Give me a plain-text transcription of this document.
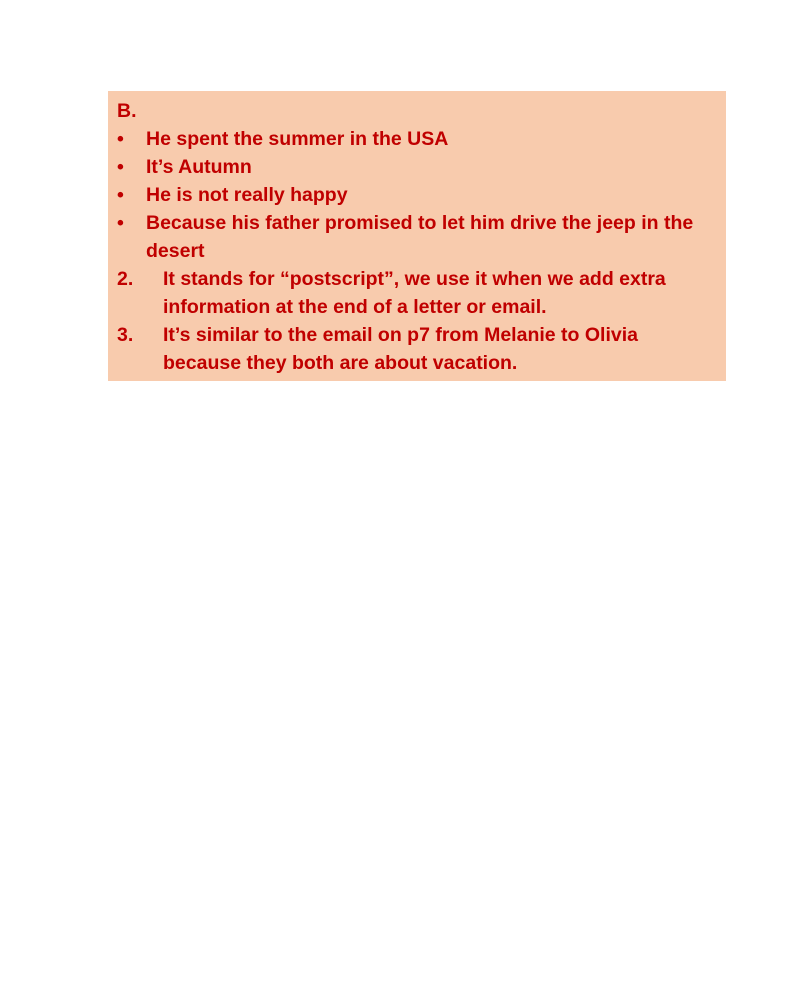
B.
•	He spent the summer in the USA
•	It’s Autumn
•	He is not really happy
•	Because his father promised to let him drive the jeep in the desert
2.	It stands for “postscript”, we use it when we add extra information at the end of a letter or email.
3.	It’s similar to the email on p7 from Melanie to Olivia because they both are about vacation.
